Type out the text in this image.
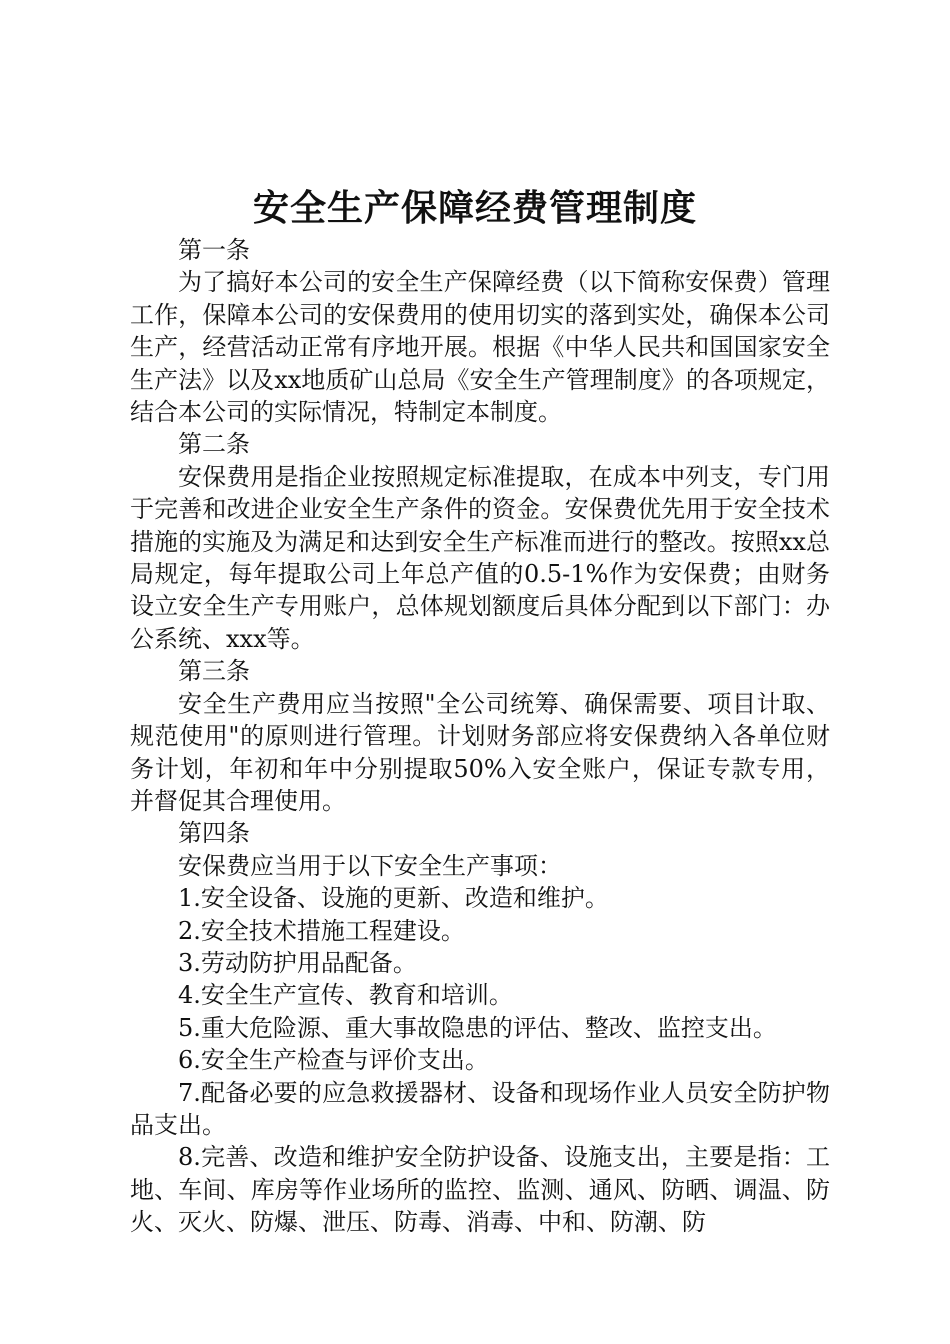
安全生产保障经费管理制度

第一条

为了搞好本公司的安全生产保障经费（以下简称安保费）管理工作，保障本公司的安保费用的使用切实的落到实处，确保本公司生产，经营活动正常有序地开展。根据《中华人民共和国国家安全生产法》以及xx地质矿山总局《安全生产管理制度》的各项规定，结合本公司的实际情况，特制定本制度。

第二条

安保费用是指企业按照规定标准提取，在成本中列支，专门用于完善和改进企业安全生产条件的资金。安保费优先用于安全技术措施的实施及为满足和达到安全生产标准而进行的整改。按照xx总局规定，每年提取公司上年总产值的0.5-1%作为安保费；由财务设立安全生产专用账户，总体规划额度后具体分配到以下部门：办公系统、xxx等。

第三条

安全生产费用应当按照"全公司统筹、确保需要、项目计取、规范使用"的原则进行管理。计划财务部应将安保费纳入各单位财务计划，年初和年中分别提取50%入安全账户，保证专款专用，并督促其合理使用。

第四条

安保费应当用于以下安全生产事项：

1.安全设备、设施的更新、改造和维护。

2.安全技术措施工程建设。

3.劳动防护用品配备。

4.安全生产宣传、教育和培训。

5.重大危险源、重大事故隐患的评估、整改、监控支出。

6.安全生产检查与评价支出。

7.配备必要的应急救援器材、设备和现场作业人员安全防护物品支出。

8.完善、改造和维护安全防护设备、设施支出，主要是指：工地、车间、库房等作业场所的监控、监测、通风、防晒、调温、防火、灭火、防爆、泄压、防毒、消毒、中和、防潮、防
